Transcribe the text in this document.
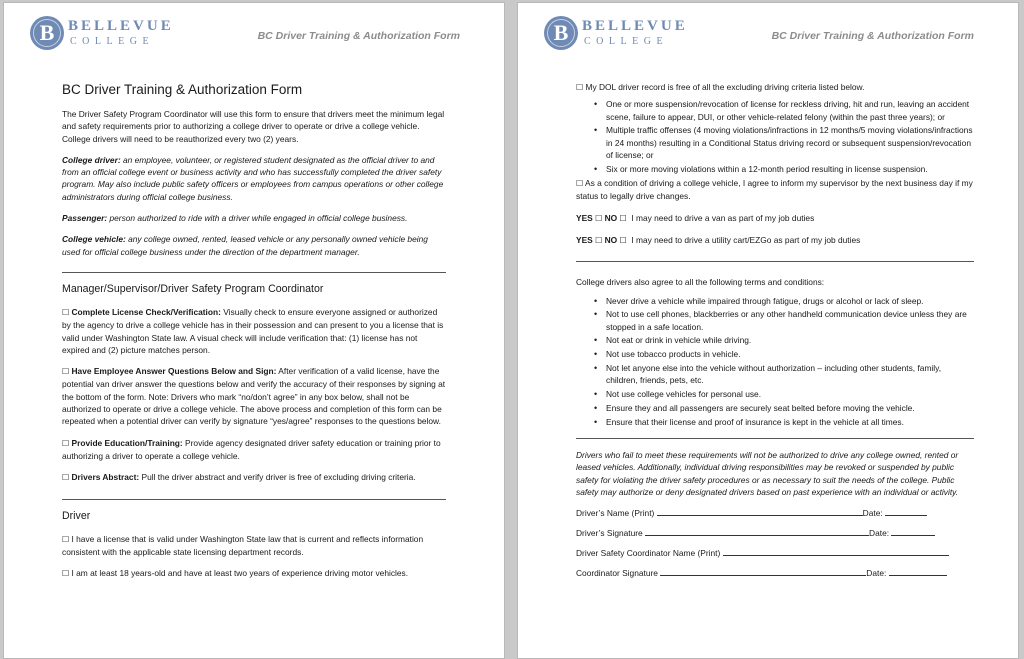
B BELLEVUE
COLLEGE	BC Driver Training & Authorization Form
BC Driver Training & Authorization Form

The Driver Safety Program Coordinator will use this form to ensure that drivers meet the minimum legal and safety requirements prior to authorizing a college driver to operate or drive a college vehicle. College drivers will need to be reauthorized every two (2) years.

College driver: an employee, volunteer, or registered student designated as the official driver to and from an official college event or business activity and who has successfully completed the driver safety program. May also include public safety officers or employees from campus operations or other college administrators during official college business.

Passenger: person authorized to ride with a driver while engaged in official college business.

College vehicle: any college owned, rented, leased vehicle or any personally owned vehicle being used for official college business under the direction of the department manager.

Manager/Supervisor/Driver Safety Program Coordinator

☐ Complete License Check/Verification: Visually check to ensure everyone assigned or authorized by the agency to drive a college vehicle has in their possession and can present to you a license that is valid under Washington State law. A visual check will include verification that: (1) license has not expired and (2) picture matches person.

☐ Have Employee Answer Questions Below and Sign: After verification of a valid license, have the potential van driver answer the questions below and verify the accuracy of their responses by signing at the bottom of the form. Note: Drivers who mark “no/don’t agree” in any box below, shall not be authorized to operate or drive a college vehicle. The above process and completion of this form can be repeated when a potential driver can verify by signature “yes/agree” responses to the questions below.

☐ Provide Education/Training: Provide agency designated driver safety education or training prior to authorizing a driver to operate a college vehicle.

☐ Drivers Abstract: Pull the driver abstract and verify driver is free of excluding driving criteria.

Driver

☐ I have a license that is valid under Washington State law that is current and reflects information consistent with the applicable state licensing department records.

☐ I am at least 18 years-old and have at least two years of experience driving motor vehicles.

B BELLEVUE
COLLEGE	BC Driver Training & Authorization Form

☐ My DOL driver record is free of all the excluding driving criteria listed below.

• One or more suspension/revocation of license for reckless driving, hit and run, leaving an accident scene, failure to appear, DUI, or other vehicle-related felony (within the past three years); or
• Multiple traffic offenses (4 moving violations/infractions in 12 months/5 moving violations/infractions in 24 months) resulting in a Conditional Status driving record or subsequent suspension/revocation of license; or
• Six or more moving violations within a 12-month period resulting in license suspension.

☐ As a condition of driving a college vehicle, I agree to inform my supervisor by the next business day if my status to legally drive changes.

YES ☐ NO ☐ I may need to drive a van as part of my job duties

YES ☐ NO ☐ I may need to drive a utility cart/EZGo as part of my job duties

College drivers also agree to all the following terms and conditions:

• Never drive a vehicle while impaired through fatigue, drugs or alcohol or lack of sleep.
• Not to use cell phones, blackberries or any other handheld communication device unless they are stopped in a safe location.
• Not eat or drink in vehicle while driving.
• Not use tobacco products in vehicle.
• Not let anyone else into the vehicle without authorization – including other students, family, children, friends, pets, etc.
• Not use college vehicles for personal use.
• Ensure they and all passengers are securely seat belted before moving the vehicle.
• Ensure that their license and proof of insurance is kept in the vehicle at all times.

Drivers who fail to meet these requirements will not be authorized to drive any college owned, rented or leased vehicles. Additionally, individual driving responsibilities may be revoked or suspended by public safety for violating the driver safety procedures or as necessary to suit the needs of the college. Public safety may authorize or deny designated drivers based on past experience with an individual or activity.

Driver’s Name (Print)	Date:
Driver’s Signature	Date:
Driver Safety Coordinator Name (Print)
Coordinator Signature	Date:
